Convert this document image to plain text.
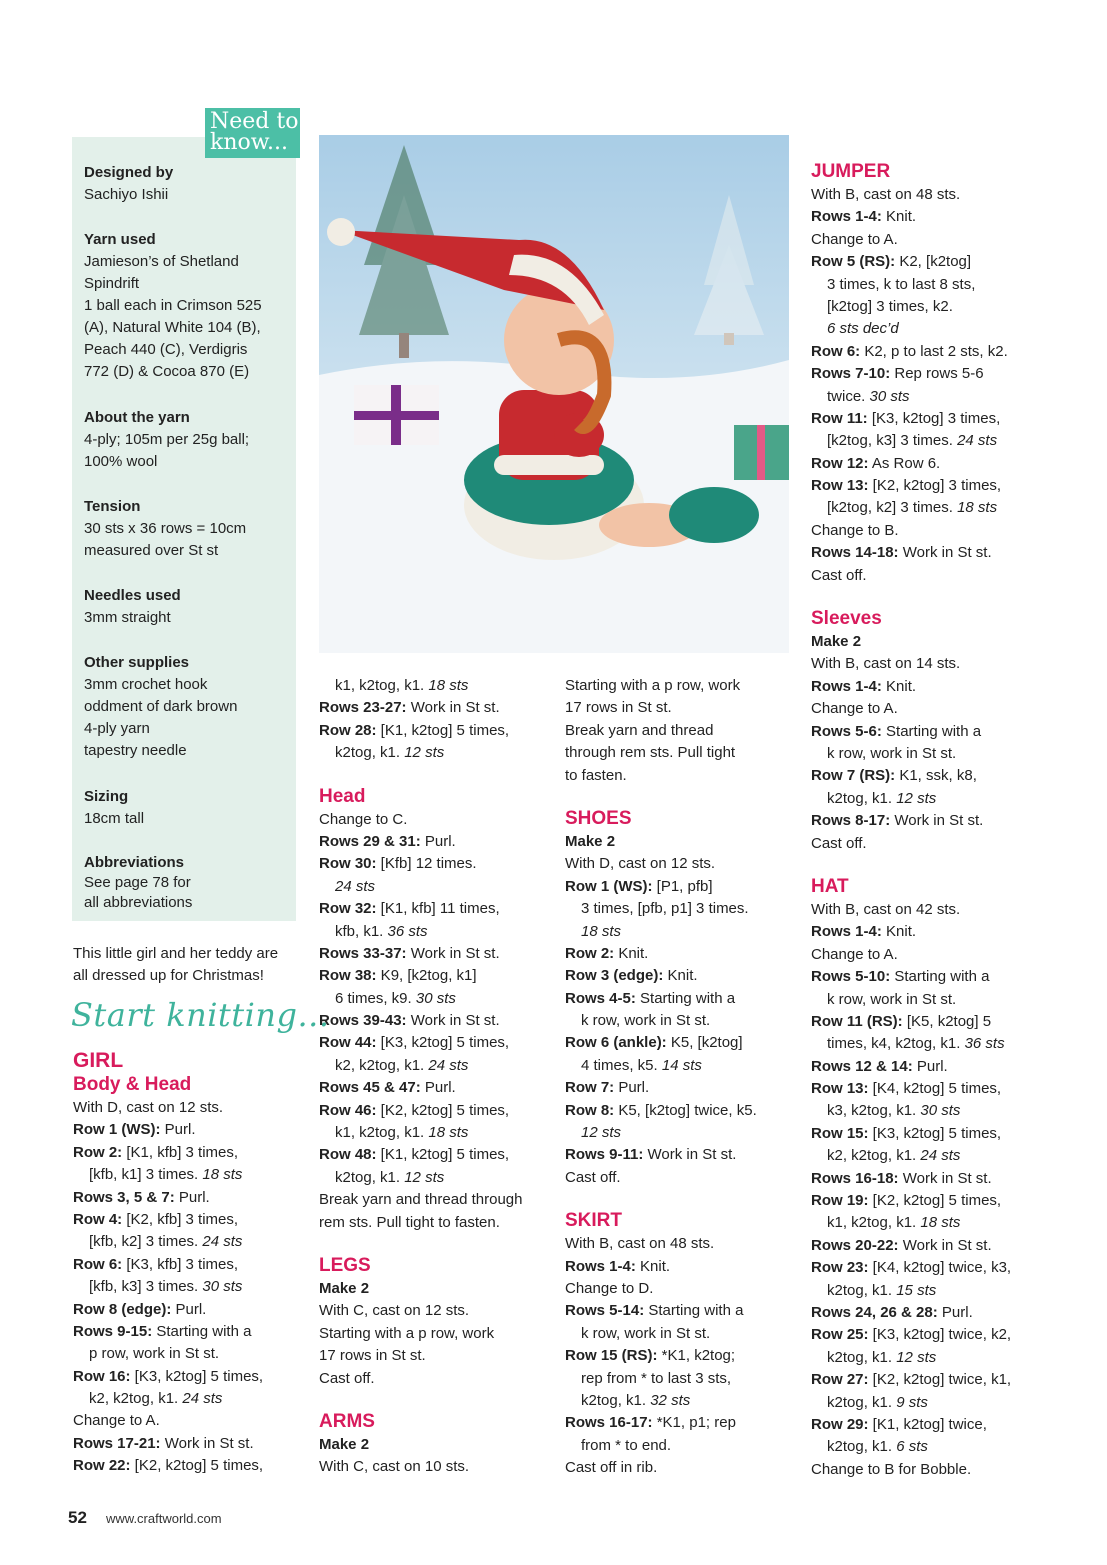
Need to
know...
Designed by
Sachiyo Ishii
Yarn used
Jamieson’s of Shetland
Spindrift
1 ball each in Crimson 525
(A), Natural White 104 (B),
Peach 440 (C), Verdigris
772 (D) & Cocoa 870 (E)
About the yarn
4-ply; 105m per 25g ball;
100% wool
Tension
30 sts x 36 rows = 10cm
measured over St st
Needles used
3mm straight
Other supplies
3mm crochet hook
oddment of dark brown
4-ply yarn
tapestry needle
Sizing
18cm tall
Abbreviations
See page 78 for
all abbreviations
This little girl and her teddy are
all dressed up for Christmas!
Start knitting...
GIRL
Body & Head
With D, cast on 12 sts.
Row 1 (WS): Purl.
Row 2: [K1, kfb] 3 times,
[kfb, k1] 3 times. 18 sts
Rows 3, 5 & 7: Purl.
Row 4: [K2, kfb] 3 times,
[kfb, k2] 3 times. 24 sts
Row 6: [K3, kfb] 3 times,
[kfb, k3] 3 times. 30 sts
Row 8 (edge): Purl.
Rows 9-15: Starting with a
p row, work in St st.
Row 16: [K3, k2tog] 5 times,
k2, k2tog, k1. 24 sts
Change to A.
Rows 17-21: Work in St st.
Row 22: [K2, k2tog] 5 times,
k1, k2tog, k1. 18 sts
Rows 23-27: Work in St st.
Row 28: [K1, k2tog] 5 times,
k2tog, k1. 12 sts
Head
Change to C.
Rows 29 & 31: Purl.
Row 30: [Kfb] 12 times.
24 sts
Row 32: [K1, kfb] 11 times,
kfb, k1. 36 sts
Rows 33-37: Work in St st.
Row 38: K9, [k2tog, k1]
6 times, k9. 30 sts
Rows 39-43: Work in St st.
Row 44: [K3, k2tog] 5 times,
k2, k2tog, k1. 24 sts
Rows 45 & 47: Purl.
Row 46: [K2, k2tog] 5 times,
k1, k2tog, k1. 18 sts
Row 48: [K1, k2tog] 5 times,
k2tog, k1. 12 sts
Break yarn and thread through
rem sts. Pull tight to fasten.
LEGS
Make 2
With C, cast on 12 sts.
Starting with a p row, work
17 rows in St st.
Cast off.
ARMS
Make 2
With C, cast on 10 sts.
Starting with a p row, work
17 rows in St st.
Break yarn and thread
through rem sts. Pull tight
to fasten.
SHOES
Make 2
With D, cast on 12 sts.
Row 1 (WS): [P1, pfb]
3 times, [pfb, p1] 3 times.
18 sts
Row 2: Knit.
Row 3 (edge): Knit.
Rows 4-5: Starting with a
k row, work in St st.
Row 6 (ankle): K5, [k2tog]
4 times, k5. 14 sts
Row 7: Purl.
Row 8: K5, [k2tog] twice, k5.
12 sts
Rows 9-11: Work in St st.
Cast off.
SKIRT
With B, cast on 48 sts.
Rows 1-4: Knit.
Change to D.
Rows 5-14: Starting with a
k row, work in St st.
Row 15 (RS): *K1, k2tog;
rep from * to last 3 sts,
k2tog, k1. 32 sts
Rows 16-17: *K1, p1; rep
from * to end.
Cast off in rib.
JUMPER
With B, cast on 48 sts.
Rows 1-4: Knit.
Change to A.
Row 5 (RS): K2, [k2tog]
3 times, k to last 8 sts,
[k2tog] 3 times, k2.
6 sts dec’d
Row 6: K2, p to last 2 sts, k2.
Rows 7-10: Rep rows 5-6
twice. 30 sts
Row 11: [K3, k2tog] 3 times,
[k2tog, k3] 3 times. 24 sts
Row 12: As Row 6.
Row 13: [K2, k2tog] 3 times,
[k2tog, k2] 3 times. 18 sts
Change to B.
Rows 14-18: Work in St st.
Cast off.
Sleeves
Make 2
With B, cast on 14 sts.
Rows 1-4: Knit.
Change to A.
Rows 5-6: Starting with a
k row, work in St st.
Row 7 (RS): K1, ssk, k8,
k2tog, k1. 12 sts
Rows 8-17: Work in St st.
Cast off.
HAT
With B, cast on 42 sts.
Rows 1-4: Knit.
Change to A.
Rows 5-10: Starting with a
k row, work in St st.
Row 11 (RS): [K5, k2tog] 5
times, k4, k2tog, k1. 36 sts
Rows 12 & 14: Purl.
Row 13: [K4, k2tog] 5 times,
k3, k2tog, k1. 30 sts
Row 15: [K3, k2tog] 5 times,
k2, k2tog, k1. 24 sts
Rows 16-18: Work in St st.
Row 19: [K2, k2tog] 5 times,
k1, k2tog, k1. 18 sts
Rows 20-22: Work in St st.
Row 23: [K4, k2tog] twice, k3,
k2tog, k1. 15 sts
Rows 24, 26 & 28: Purl.
Row 25: [K3, k2tog] twice, k2,
k2tog, k1. 12 sts
Row 27: [K2, k2tog] twice, k1,
k2tog, k1. 9 sts
Row 29: [K1, k2tog] twice,
k2tog, k1. 6 sts
Change to B for Bobble.
52 www.craftworld.com
